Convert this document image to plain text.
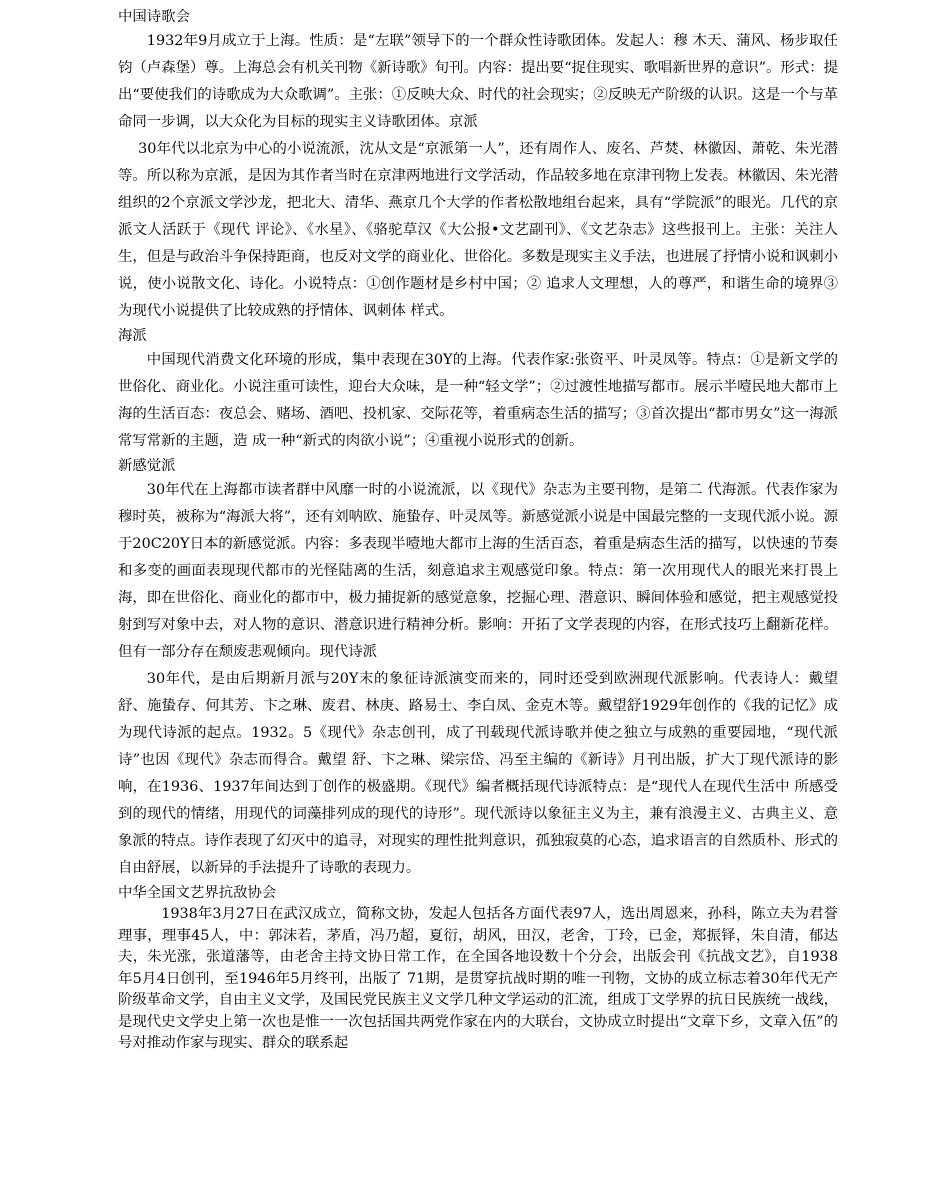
中国诗歌会

1932年9月成立于上海。性质：是“左联”领导下的一个群众性诗歌团体。发起人：穆 木天、蒲风、杨步取任钧（卢森堡）尊。上海总会有机关刊物《新诗歌》旬刊。内容：提出要“捉住现实、歌唱新世界的意识”。形式：提出“要使我们的诗歌成为大众歌调”。主张：①反映大众、时代的社会现实；②反映无产阶级的认识。这是一个与革命同一步调，以大众化为目标的现实主义诗歌团体。京派

30年代以北京为中心的小说流派，沈从文是“京派第一人”，还有周作人、废名、芦焚、林徽因、萧乾、朱光潜等。所以称为京派，是因为其作者当时在京津两地进行文学活动，作品较多地在京津刊物上发表。林徽因、朱光潜组织的2个京派文学沙龙，把北大、清华、燕京几个大学的作者松散地组台起来，具有“学院派”的眼光。几代的京派文人活跃于《现代 评论》、《水星》、《骆驼草汉《大公报•文艺副刊》、《文艺杂志》这些报刊上。主张：关注人 生，但是与政治斗争保持距商，也反对文学的商业化、世俗化。多数是现实主义手法，也进展了抒情小说和讽刺小说，使小说散文化、诗化。小说特点：①创作题材是乡村中国；② 追求人文理想，人的尊严，和谐生命的境界③为现代小说提供了比较成熟的抒情体、讽刺体 样式。

海派

中国现代消费文化环境的形成，集中表现在30Y的上海。代表作家:张资平、叶灵凤等。特点：①是新文学的世俗化、商业化。小说注重可读性，迎台大众味，是一种“轻文学”；②过渡性地描写都市。展示半噎民地大都市上海的生活百态：夜总会、赌场、酒吧、投机家、交际花等，着重病态生活的描写；③首次提出“都市男女”这一海派常写常新的主题，造 成一种“新式的肉欲小说”；④重视小说形式的创新。

新感觉派

30年代在上海都市读者群中风靡一时的小说流派，以《现代》杂志为主要刊物，是第二 代海派。代表作家为穆时英，被称为“海派大将”，还有刘呐欧、施蛰存、叶灵凤等。新感觉派小说是中国最完整的一支现代派小说。源于20C20Y日本的新感觉派。内容：多表现半噎地大都市上海的生活百态，着重是病态生活的描写，以快速的节奏和多变的画面表现现代都市的光怪陆离的生活，刻意追求主观感觉印象。特点：第一次用现代人的眼光来打畏上海，即在世俗化、商业化的都市中，极力捕捉新的感觉意象，挖掘心理、潜意识、瞬间体验和感觉，把主观感觉投射到写对象中去，对人物的意识、潜意识进行精神分析。影响：开拓了文学表现的内容，在形式技巧上翻新花样。但有一部分存在颓废悲观倾向。现代诗派

30年代，是由后期新月派与20Y末的象征诗派演变而来的，同时还受到欧洲现代派影响。代表诗人：戴望舒、施蛰存、何其芳、卞之琳、废君、林庚、路易士、李白凤、金克木等。戴望舒1929年创作的《我的记忆》成为现代诗派的起点。1932。5《现代》杂志创刊，成了刊载现代派诗歌并使之独立与成熟的重要园地，“现代派诗”也因《现代》杂志而得合。戴望 舒、卞之琳、梁宗岱、冯至主编的《新诗》月刊出版，扩大丁现代派诗的影响，在1936、1937年间达到丁创作的极盛期。《现代》编者概括现代诗派特点：是“现代人在现代生活中 所感受到的现代的情绪，用现代的词藻排列成的现代的诗形”。现代派诗以象征主义为主，兼有浪漫主义、古典主义、意象派的特点。诗作表现了幻灭中的追寻，对现实的理性批判意识，孤独寂莫的心态，追求语言的自然质朴、形式的自由舒展，以新异的手法提升了诗歌的表现力。

中华全国文艺界抗敌协会

1938年3月27日在武汉成立，简称文协，发起人包括各方面代表97人，选出周恩来，孙科，陈立夫为君誉理事，理事45人，中：郭沫若，茅盾，冯乃超，夏衍，胡风，田汉，老舍，丁玲，已金，郑振铎，朱自清，郁达夫，朱光涨，张道藩等，由老舍主持文协日常工作，在全国各地设数十个分会，出版会刊《抗战文艺》，自1938年5月4日创刊，至1946年5月终刊，出版了 71期，是贯穿抗战时期的唯一刊物，文协的成立标志着30年代无产阶级革命文学，自由主义文学，及国民党民族主义文学几种文学运动的汇流，组成丁文学界的抗日民族统一战线，是现代史文学史上第一次也是惟一一次包括国共两党作家在内的大联台，文协成立时提出“文章下乡，文章入伍”的号对推动作家与现实、群众的联系起
